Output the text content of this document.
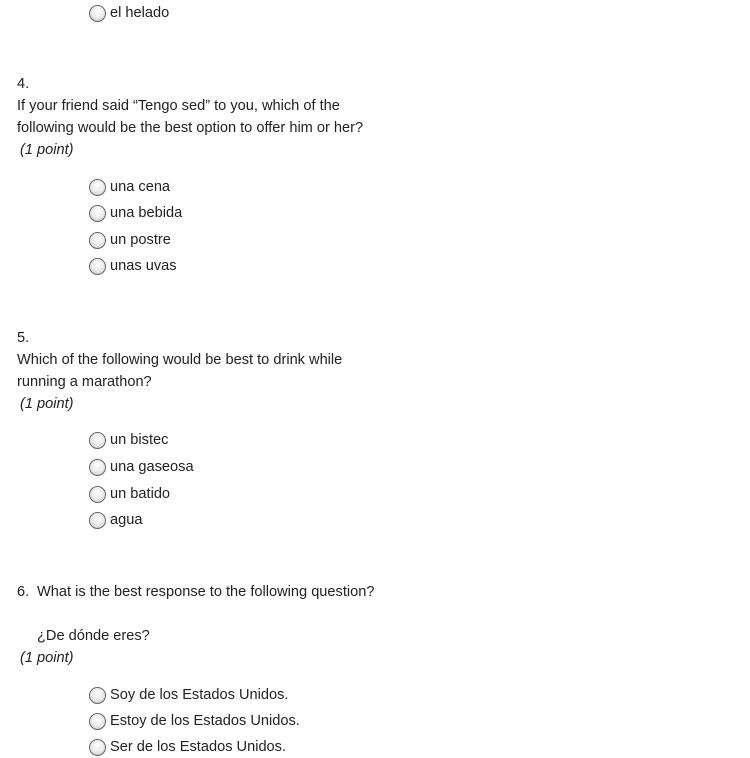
el helado
4.
If your friend said “Tengo sed” to you, which of the
following would be the best option to offer him or her?
(1 point)
una cena
una bebida
un postre
unas uvas
5.
Which of the following would be best to drink while
running a marathon?
(1 point)
un bistec
una gaseosa
un batido
agua
6. What is the best response to the following question?
¿De dónde eres?
(1 point)
Soy de los Estados Unidos.
Estoy de los Estados Unidos.
Ser de los Estados Unidos.
